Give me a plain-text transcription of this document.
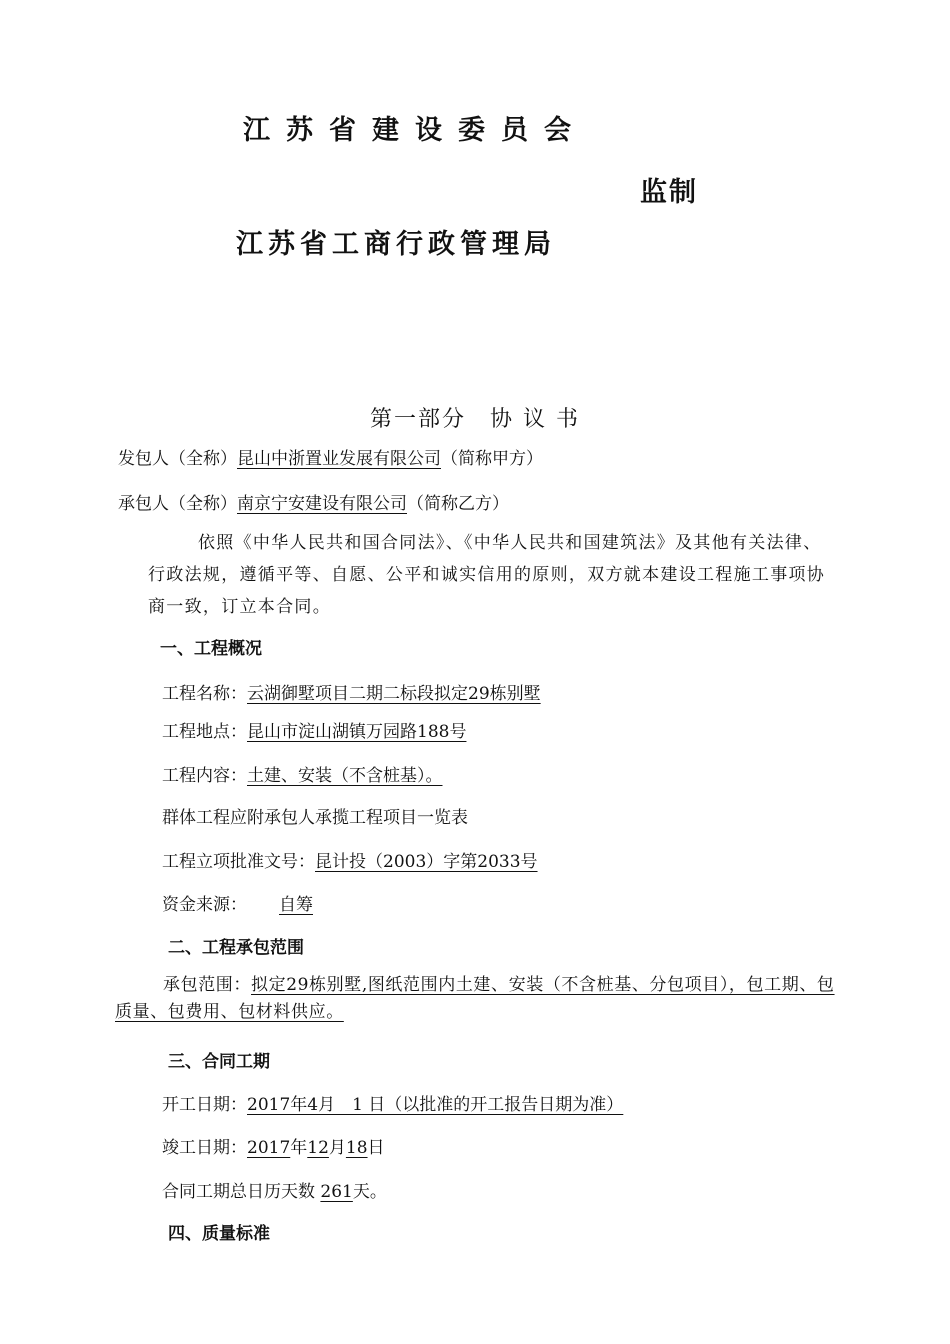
江苏省建设委员会
监制
江苏省工商行政管理局
第一部分　协 议 书
发包人（全称）昆山中浙置业发展有限公司（简称甲方）
承包人（全称）南京宁安建设有限公司（简称乙方）
依照《中华人民共和国合同法》、《中华人民共和国建筑法》及其他有关法律、行政法规，遵循平等、自愿、公平和诚实信用的原则，双方就本建设工程施工事项协商一致，订立本合同。
一、工程概况
工程名称：云湖御墅项目二期二标段拟定29栋别墅
工程地点：昆山市淀山湖镇万园路188号
工程内容：土建、安装（不含桩基）。
群体工程应附承包人承揽工程项目一览表
工程立项批准文号：昆计投（2003）字第2033号
资金来源： 自筹
二、工程承包范围
承包范围：拟定29栋别墅,图纸范围内土建、安装（不含桩基、分包项目），包工期、包质量、包费用、包材料供应。
三、合同工期
开工日期：2017年4月　1 日（以批准的开工报告日期为准）
竣工日期：2017年12月18日
合同工期总日历天数 261天。
四、质量标准
